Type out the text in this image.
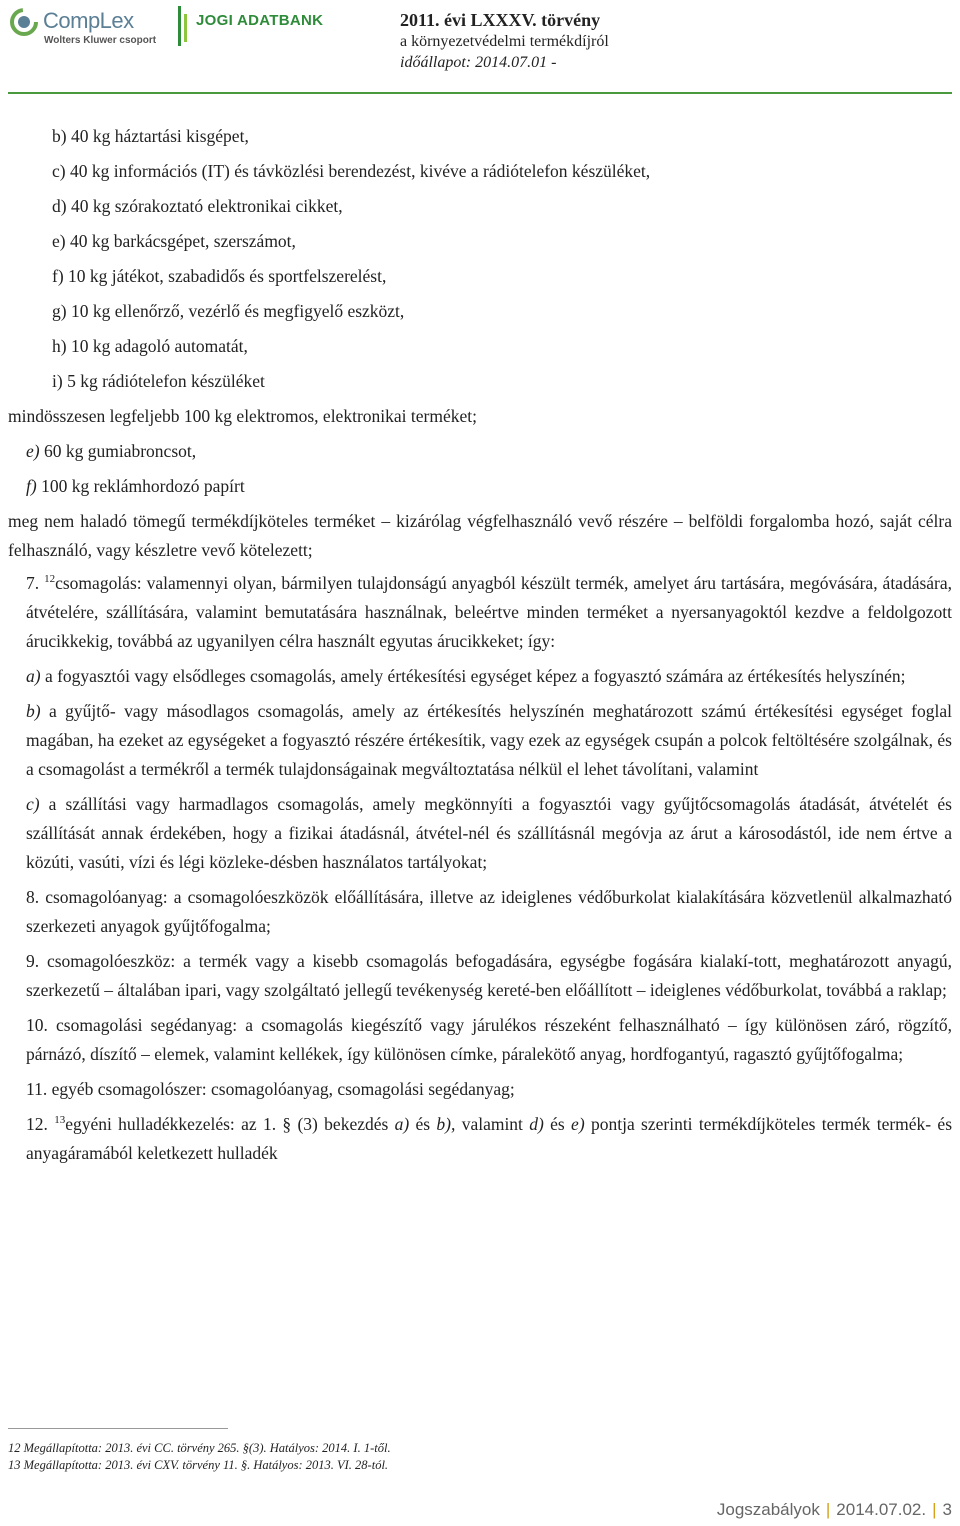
CompLex
Wolters Kluwer csoport
JOGI ADATBANK	2011. évi LXXXV. törvény
a környezetvédelmi termékdíjról
időállapot: 2014.07.01 -
b) 40 kg háztartási kisgépet,
c) 40 kg információs (IT) és távközlési berendezést, kivéve a rádiótelefon készüléket,
d) 40 kg szórakoztató elektronikai cikket,
e) 40 kg barkácsgépet, szerszámot,
f) 10 kg játékot, szabadidős és sportfelszerelést,
g) 10 kg ellenőrző, vezérlő és megfigyelő eszközt,
h) 10 kg adagoló automatát,
i) 5 kg rádiótelefon készüléket
mindösszesen legfeljebb 100 kg elektromos, elektronikai terméket;
e) 60 kg gumiabroncsot,
f) 100 kg reklámhordozó papírt
meg nem haladó tömegű termékdíjköteles terméket – kizárólag végfelhasználó vevő részére – belföldi forgalomba hozó, saját célra felhasználó, vagy készletre vevő kötelezett;
7. $^{12}$csomagolás: valamennyi olyan, bármilyen tulajdonságú anyagból készült termék, amelyet áru tartására, megóvására, átadására, átvételére, szállítására, valamint bemutatására használnak, beleértve minden terméket a nyersanyagoktól kezdve a feldolgozott árucikkekig, továbbá az ugyanilyen célra használt egyutas árucikkeket; így:
a) a fogyasztói vagy elsődleges csomagolás, amely értékesítési egységet képez a fogyasztó számára az értékesítés helyszínén;
b) a gyűjtő- vagy másodlagos csomagolás, amely az értékesítés helyszínén meghatározott számú értékesítési egységet foglal magában, ha ezeket az egységeket a fogyasztó részére értékesítik, vagy ezek az egységek csupán a polcok feltöltésére szolgálnak, és a csomagolást a termékről a termék tulajdonságainak megváltoztatása nélkül el lehet távolítani, valamint
c) a szállítási vagy harmadlagos csomagolás, amely megkönnyíti a fogyasztói vagy gyűjtőcsomagolás átadását, átvételét és szállítását annak érdekében, hogy a fizikai átadásnál, átvétel-nél és szállításnál megóvja az árut a károsodástól, ide nem értve a közúti, vasúti, vízi és légi közleke-désben használatos tartályokat;
8. csomagolóanyag: a csomagolóeszközök előállítására, illetve az ideiglenes védőburkolat kialakítására közvetlenül alkalmazható szerkezeti anyagok gyűjtőfogalma;
9. csomagolóeszköz: a termék vagy a kisebb csomagolás befogadására, egységbe fogására kialakí-tott, meghatározott anyagú, szerkezetű – általában ipari, vagy szolgáltató jellegű tevékenység kereté-ben előállított – ideiglenes védőburkolat, továbbá a raklap;
10. csomagolási segédanyag: a csomagolás kiegészítő vagy járulékos részeként felhasználható – így különösen záró, rögzítő, párnázó, díszítő – elemek, valamint kellékek, így különösen címke, páralekötő anyag, hordfogantyú, ragasztó gyűjtőfogalma;
11. egyéb csomagolószer: csomagolóanyag, csomagolási segédanyag;
12. $^{13}$egyéni hulladékkezelés: az 1. § (3) bekezdés a) és b), valamint d) és e) pontja szerinti termékdíjköteles termék termék- és anyagáramából keletkezett hulladék
12 Megállapította: 2013. évi CC. törvény 265. §(3). Hatályos: 2014. I. 1-től.
13 Megállapította: 2013. évi CXV. törvény 11. §. Hatályos: 2013. VI. 28-tól.
Jogszabályok | 2014.07.02. | 3
